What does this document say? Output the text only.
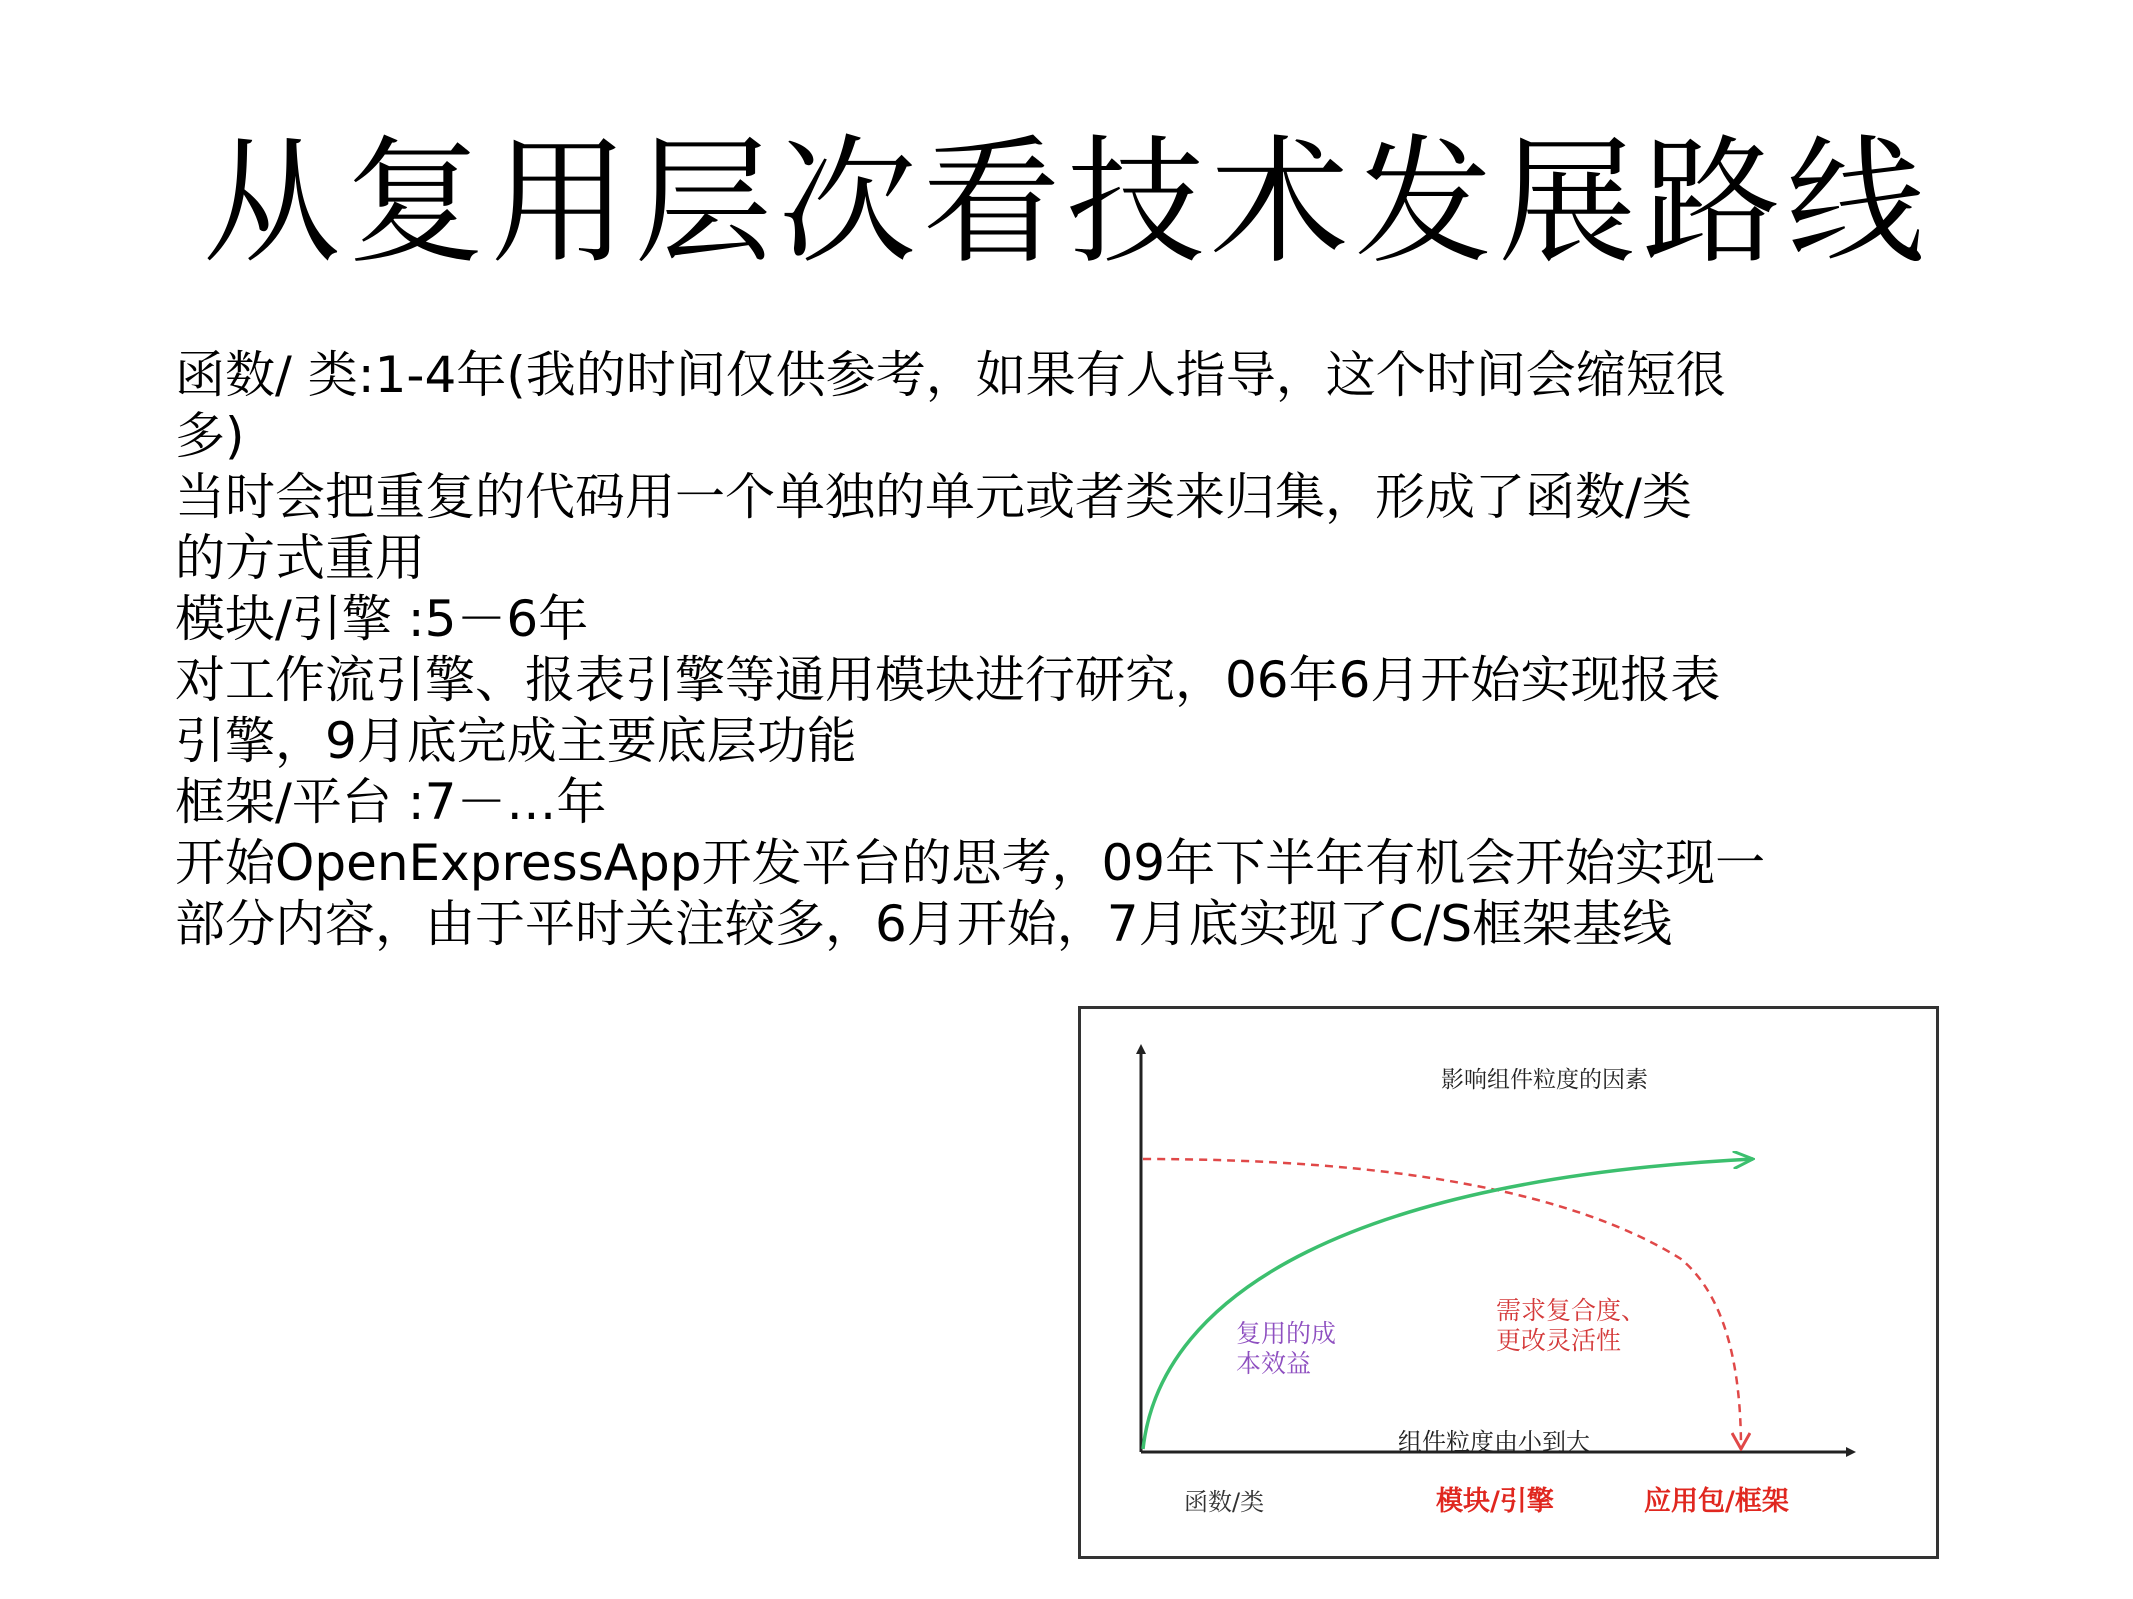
从复用层次看技术发展路线
函数/ 类:1-4年(我的时间仅供参考，如果有人指导，这个时间会缩短很
多)
当时会把重复的代码用一个单独的单元或者类来归集，形成了函数/类
的方式重用
模块/引擎 :5－6年
对工作流引擎、报表引擎等通用模块进行研究，06年6月开始实现报表
引擎，9月底完成主要底层功能
框架/平台 :7－…年
开始OpenExpressApp开发平台的思考，09年下半年有机会开始实现一
部分内容，由于平时关注较多，6月开始，7月底实现了C/S框架基线
影响组件粒度的因素
需求复合度、
更改灵活性
复用的成
本效益
组件粒度由小到大
函数/类	模块/引擎	应用包/框架
